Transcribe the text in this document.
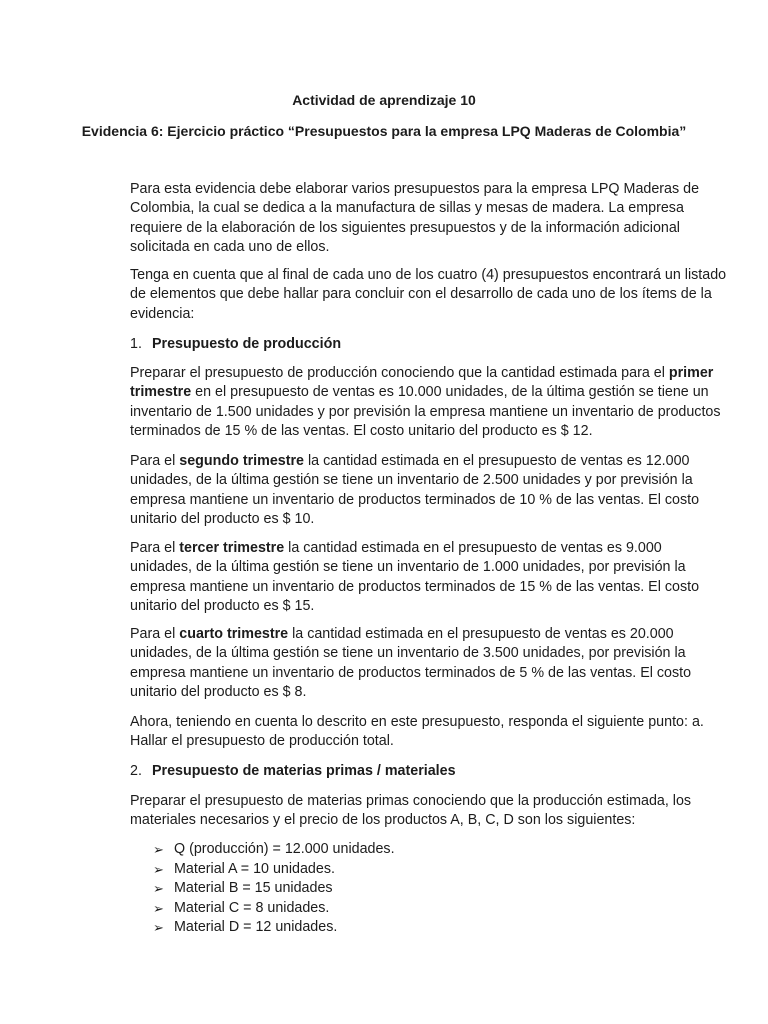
Actividad de aprendizaje 10
Evidencia 6: Ejercicio práctico “Presupuestos para la empresa LPQ Maderas de Colombia”

Para esta evidencia debe elaborar varios presupuestos para la empresa LPQ Maderas de
Colombia, la cual se dedica a la manufactura de sillas y mesas de madera. La empresa
requiere de la elaboración de los siguientes presupuestos y de la información adicional
solicitada en cada uno de ellos.

Tenga en cuenta que al final de cada uno de los cuatro (4) presupuestos encontrará un listado
de elementos que debe hallar para concluir con el desarrollo de cada uno de los ítems de la
evidencia:

1. Presupuesto de producción

Preparar el presupuesto de producción conociendo que la cantidad estimada para el primer
trimestre en el presupuesto de ventas es 10.000 unidades, de la última gestión se tiene un
inventario de 1.500 unidades y por previsión la empresa mantiene un inventario de productos
terminados de 15 % de las ventas. El costo unitario del producto es $ 12.

Para el segundo trimestre la cantidad estimada en el presupuesto de ventas es 12.000
unidades, de la última gestión se tiene un inventario de 2.500 unidades y por previsión la
empresa mantiene un inventario de productos terminados de 10 % de las ventas. El costo
unitario del producto es $ 10.

Para el tercer trimestre la cantidad estimada en el presupuesto de ventas es 9.000
unidades, de la última gestión se tiene un inventario de 1.000 unidades, por previsión la
empresa mantiene un inventario de productos terminados de 15 % de las ventas. El costo
unitario del producto es $ 15.

Para el cuarto trimestre la cantidad estimada en el presupuesto de ventas es 20.000
unidades, de la última gestión se tiene un inventario de 3.500 unidades, por previsión la
empresa mantiene un inventario de productos terminados de 5 % de las ventas. El costo
unitario del producto es $ 8.

Ahora, teniendo en cuenta lo descrito en este presupuesto, responda el siguiente punto: a.
Hallar el presupuesto de producción total.

2. Presupuesto de materias primas / materiales

Preparar el presupuesto de materias primas conociendo que la producción estimada, los
materiales necesarios y el precio de los productos A, B, C, D son los siguientes:

➢ Q (producción) = 12.000 unidades.
➢ Material A = 10 unidades.
➢ Material B = 15 unidades
➢ Material C = 8 unidades.
➢ Material D = 12 unidades.
